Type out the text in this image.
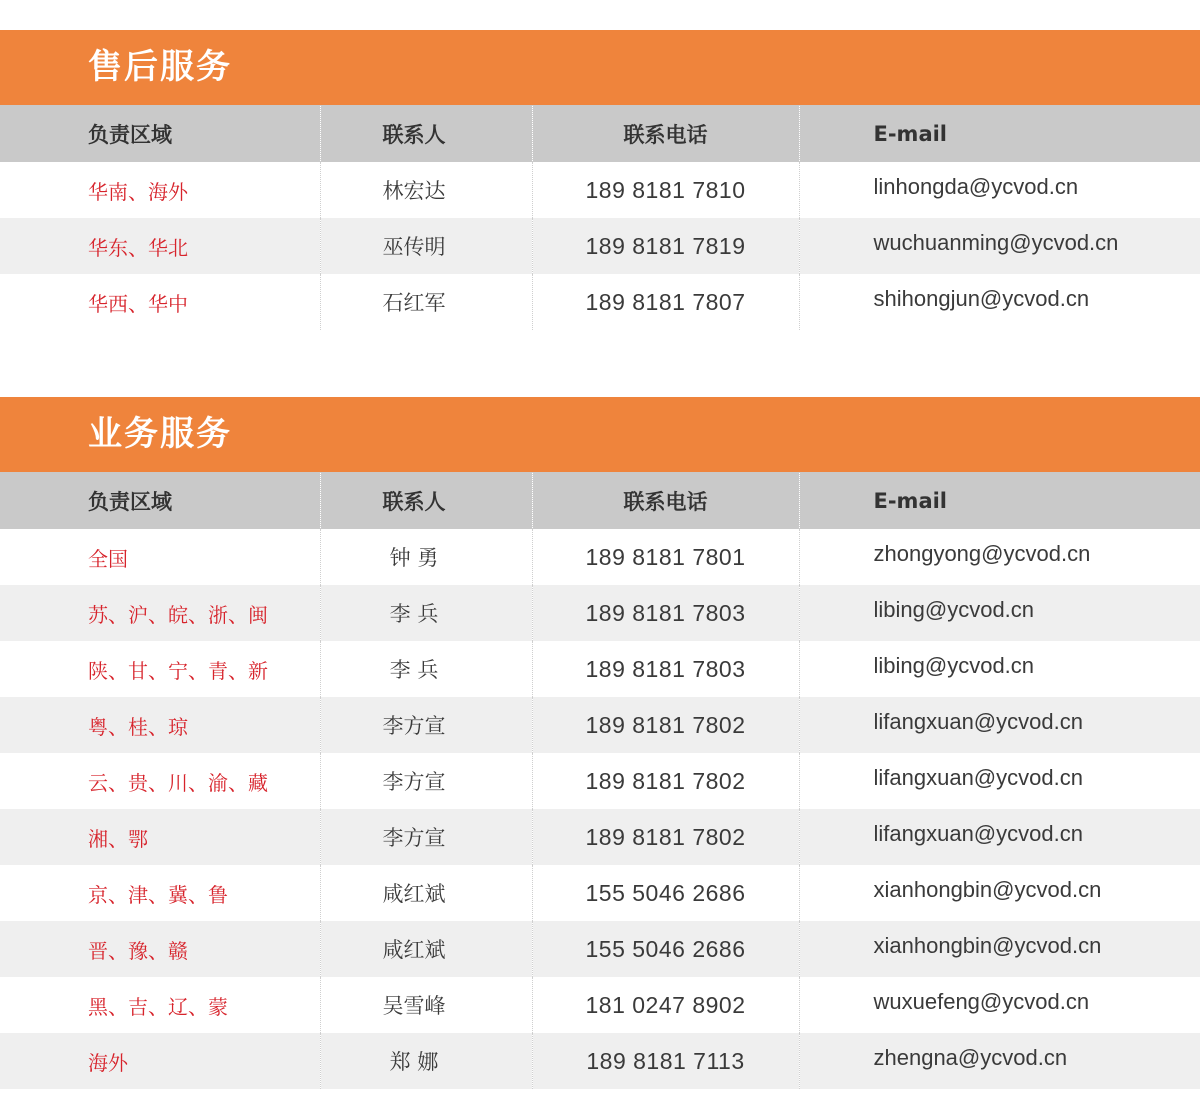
售后服务
负责区域	联系人	联系电话	E-mail
华南、海外	林宏达	189 8181 7810	linhongda@ycvod.cn
华东、华北	巫传明	189 8181 7819	wuchuanming@ycvod.cn
华西、华中	石红军	189 8181 7807	shihongjun@ycvod.cn
业务服务
负责区域	联系人	联系电话	E-mail
全国	钟 勇	189 8181 7801	zhongyong@ycvod.cn
苏、沪、皖、浙、闽	李 兵	189 8181 7803	libing@ycvod.cn
陕、甘、宁、青、新	李 兵	189 8181 7803	libing@ycvod.cn
粤、桂、琼	李方宣	189 8181 7802	lifangxuan@ycvod.cn
云、贵、川、渝、藏	李方宣	189 8181 7802	lifangxuan@ycvod.cn
湘、鄂	李方宣	189 8181 7802	lifangxuan@ycvod.cn
京、津、冀、鲁	咸红斌	155 5046 2686	xianhongbin@ycvod.cn
晋、豫、赣	咸红斌	155 5046 2686	xianhongbin@ycvod.cn
黑、吉、辽、蒙	吴雪峰	181 0247 8902	wuxuefeng@ycvod.cn
海外	郑 娜	189 8181 7113	zhengna@ycvod.cn
